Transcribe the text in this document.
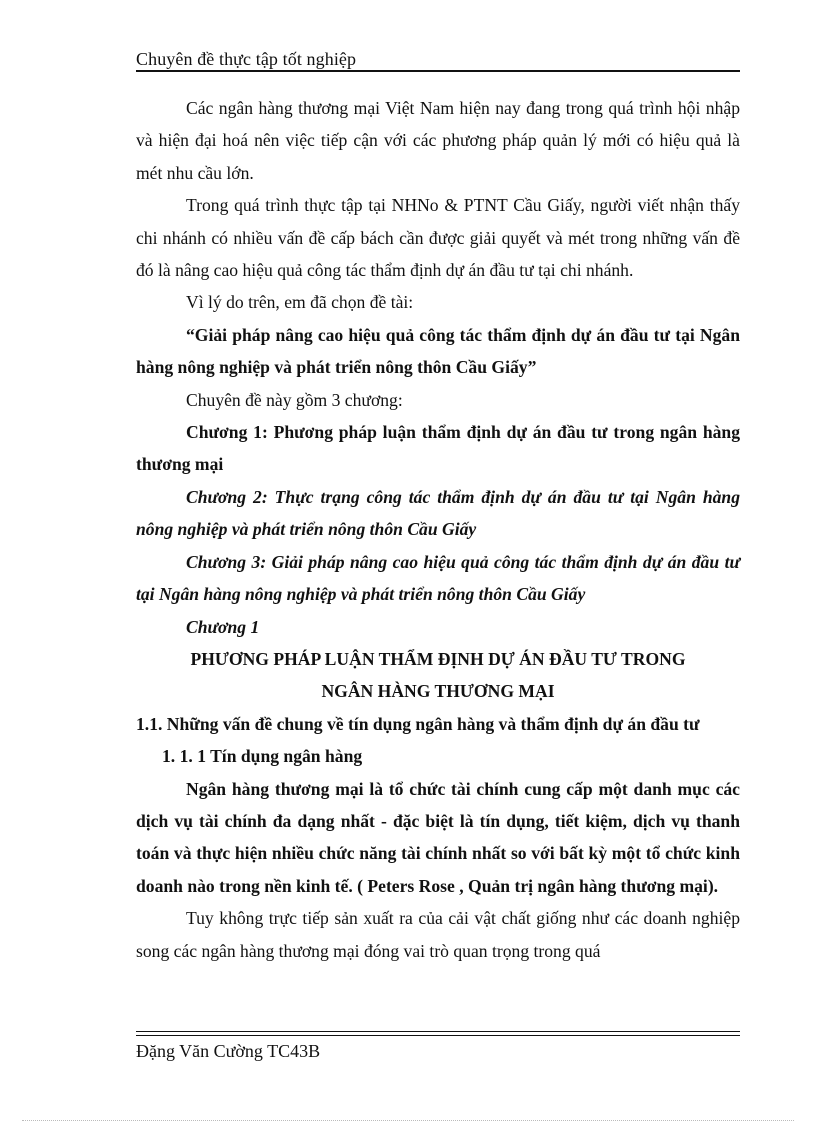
Chuyên đề thực tập tốt nghiệp

Các ngân hàng thương mại Việt Nam hiện nay đang trong quá trình hội nhập và hiện đại hoá nên việc tiếp cận với các phương pháp quản lý mới có hiệu quả là mét nhu cầu lớn.

Trong quá trình thực tập tại NHNo & PTNT Cầu Giấy, người viết nhận thấy chi nhánh có nhiều vấn đề cấp bách cần được giải quyết và mét trong những vấn đề đó là nâng cao hiệu quả công tác thẩm định dự án đầu tư tại chi nhánh.

Vì lý do trên, em đã chọn đề tài:

“Giải pháp nâng cao hiệu quả công tác thẩm định dự án đầu tư tại Ngân hàng nông nghiệp và phát triển nông thôn Cầu Giấy”

Chuyên đề này gồm 3 chương:

Chương 1: Phương pháp luận thẩm định dự án đầu tư trong ngân hàng thương mại

Chương 2: Thực trạng công tác thẩm định dự án đầu tư tại Ngân hàng nông nghiệp và phát triển nông thôn Cầu Giấy

Chương 3: Giải pháp nâng cao hiệu quả công tác thẩm định dự án đầu tư tại Ngân hàng nông nghiệp và phát triển nông thôn Cầu Giấy

Chương 1

PHƯƠNG PHÁP LUẬN THẨM ĐỊNH DỰ ÁN ĐẦU TƯ TRONG

NGÂN HÀNG THƯƠNG MẠI

1.1. Những vấn đề chung về tín dụng ngân hàng và thẩm định dự án đầu tư

1. 1. 1 Tín dụng ngân hàng

Ngân hàng thương mại là tổ chức tài chính cung cấp một danh mục các dịch vụ tài chính đa dạng nhất - đặc biệt là tín dụng, tiết kiệm, dịch vụ thanh toán và thực hiện nhiều chức năng tài chính nhất so với bất kỳ một tổ chức kinh doanh nào trong nền kinh tế. ( Peters Rose , Quản trị ngân hàng thương mại).

Tuy không trực tiếp sản xuất ra của cải vật chất giống như các doanh nghiệp song các ngân hàng thương mại đóng vai trò quan trọng trong quá

Đặng Văn Cường TC43B
